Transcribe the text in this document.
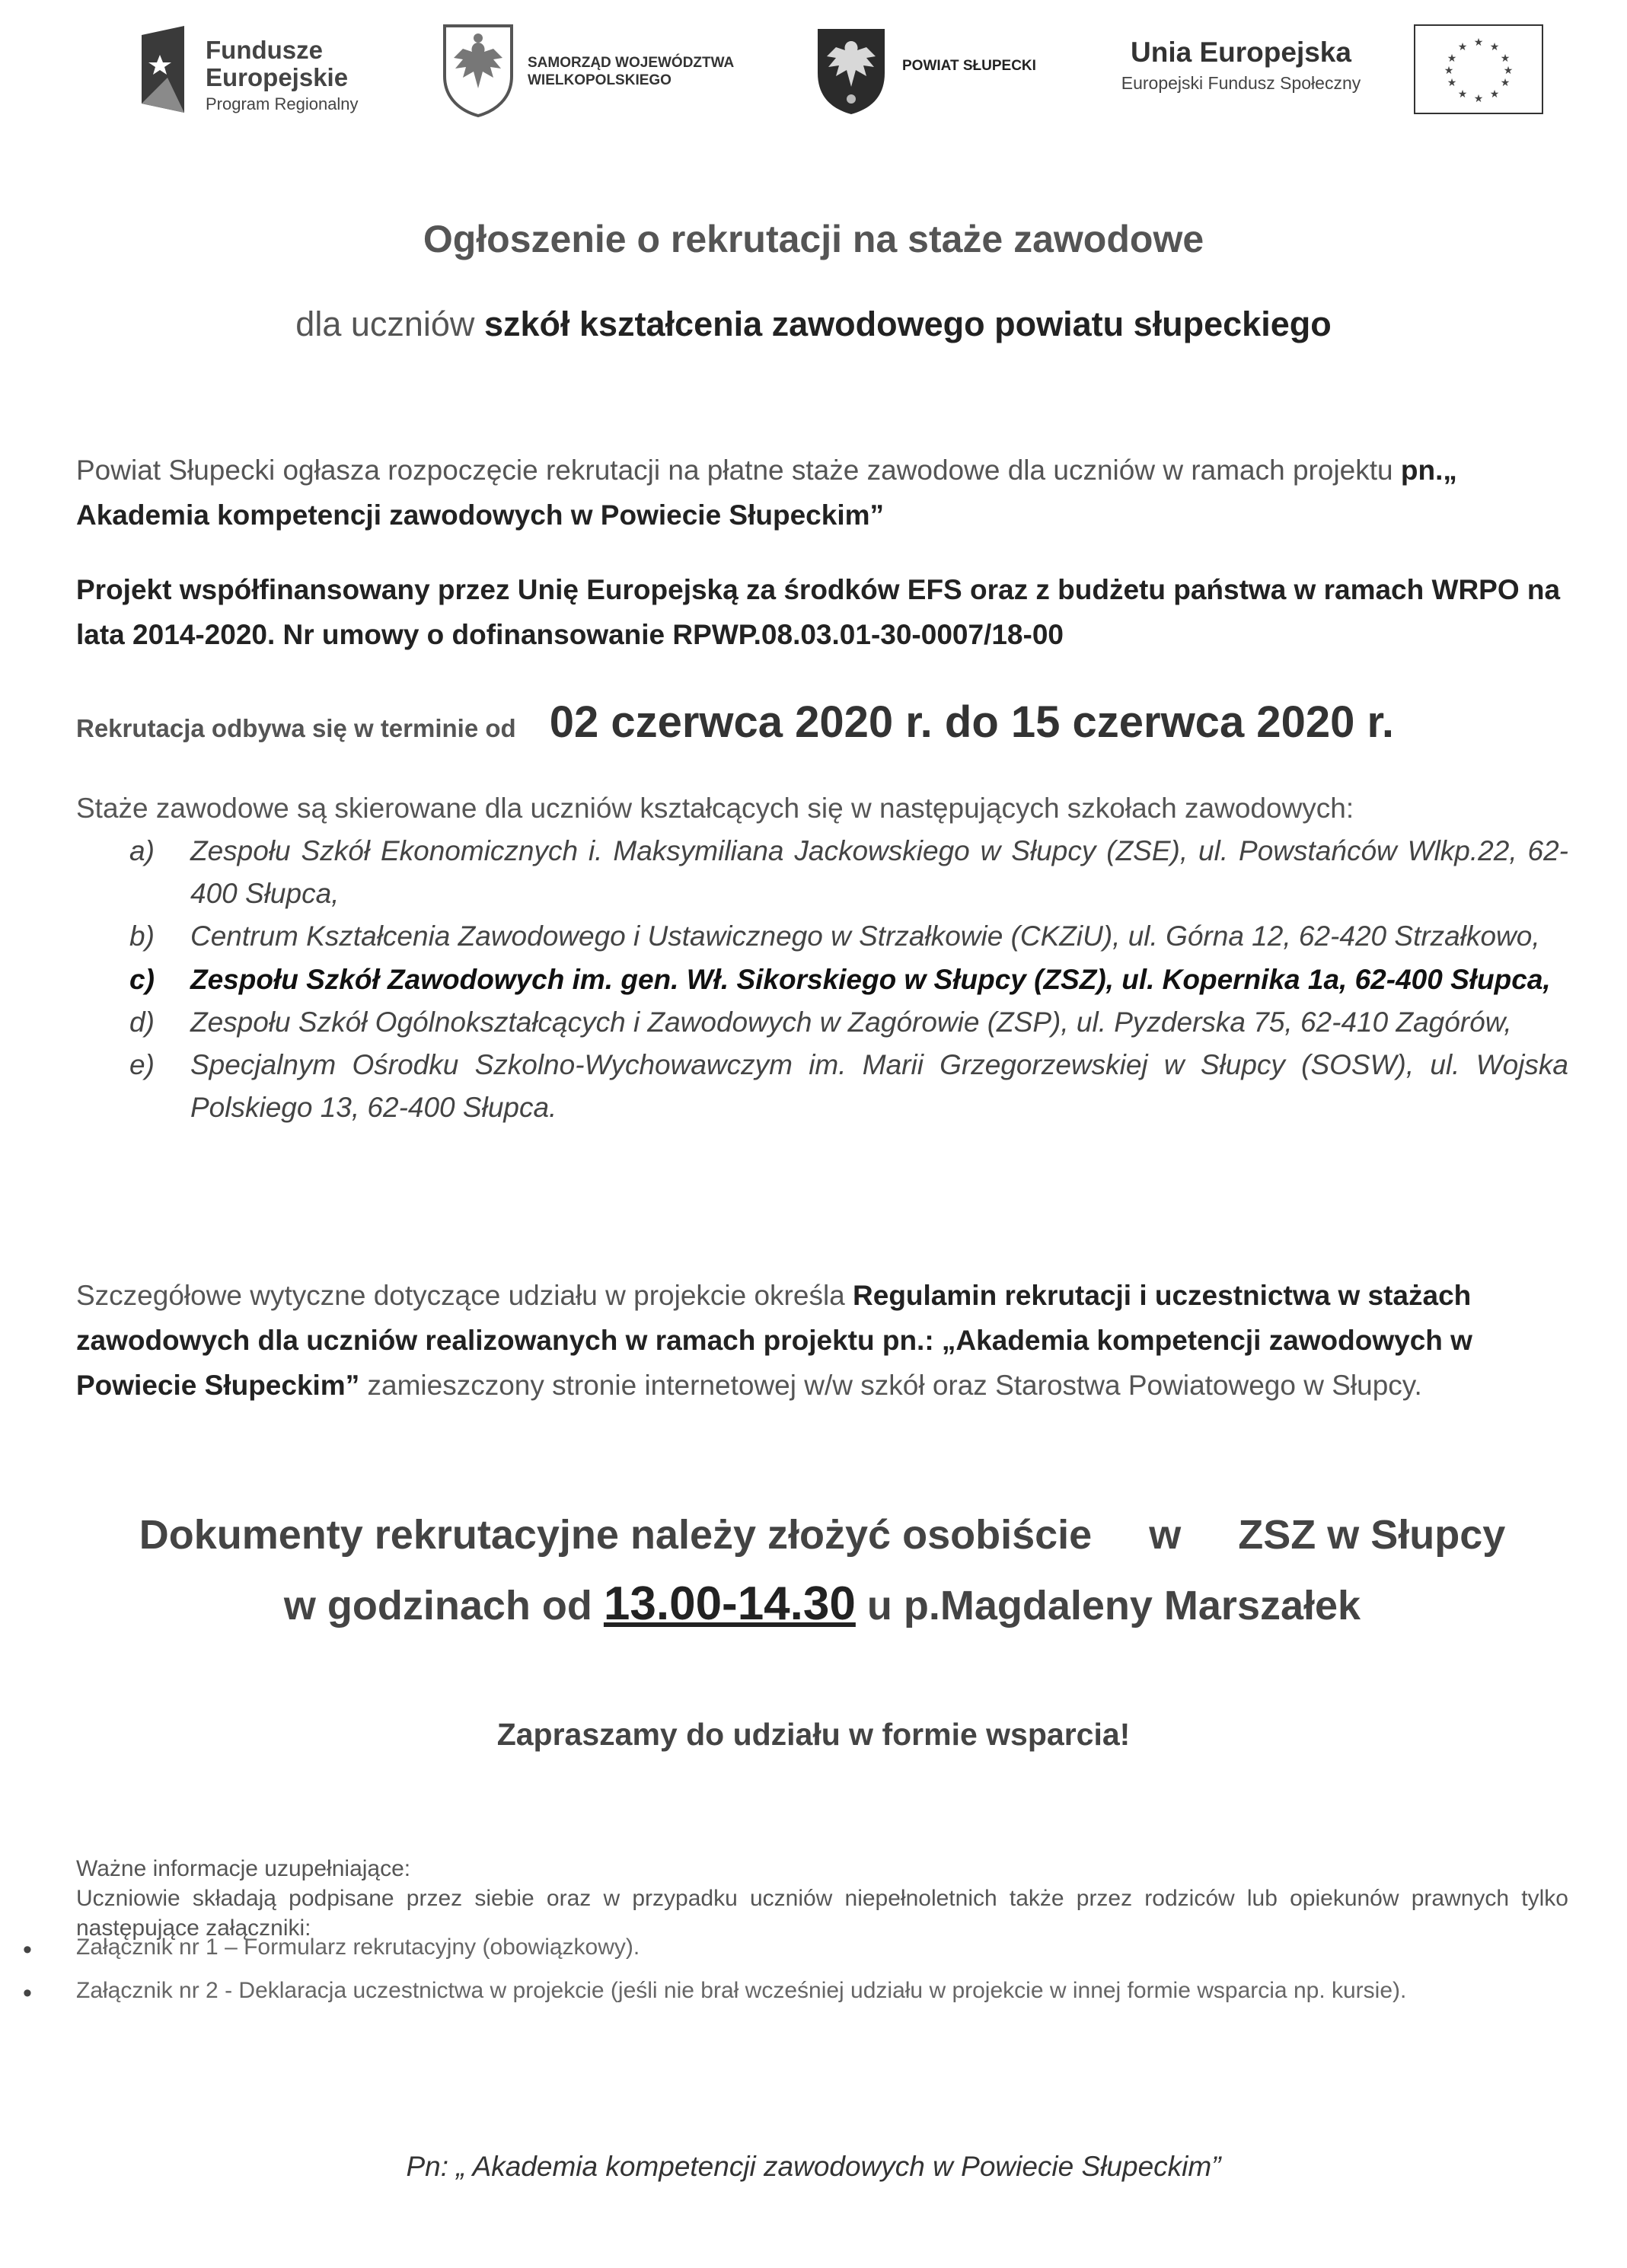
Fundusze
Europejskie
Program Regionalny
SAMORZĄD WOJEWÓDZTWA
WIELKOPOLSKIEGO
POWIAT SŁUPECKI	Unia Europejska
Europejski Fundusz Społeczny
★ ★
★
★
★
★
★
★
★
★
★
★
Ogłoszenie o rekrutacji na staże zawodowe
dla uczniów szkół kształcenia zawodowego powiatu słupeckiego
Powiat Słupecki ogłasza rozpoczęcie rekrutacji na płatne staże zawodowe dla uczniów w ramach projektu pn.„ Akademia kompetencji zawodowych w Powiecie Słupeckim”
Projekt współfinansowany przez Unię Europejską za środków EFS oraz z budżetu państwa w ramach WRPO na lata 2014-2020. Nr umowy o dofinansowanie RPWP.08.03.01-30-0007/18-00
Rekrutacja odbywa się w terminie od 02 czerwca 2020 r. do 15 czerwca 2020 r.
Staże zawodowe są skierowane dla uczniów kształcących się w następujących szkołach zawodowych:
a) Zespołu Szkół Ekonomicznych i. Maksymiliana Jackowskiego w Słupcy (ZSE), ul. Powstańców Wlkp.22, 62-400 Słupca,
b) Centrum Kształcenia Zawodowego i Ustawicznego w Strzałkowie (CKZiU), ul. Górna 12, 62-420 Strzałkowo,
c) Zespołu Szkół Zawodowych im. gen. Wł. Sikorskiego w Słupcy (ZSZ), ul. Kopernika 1a, 62-400 Słupca,
d) Zespołu Szkół Ogólnokształcących i Zawodowych w Zagórowie (ZSP), ul. Pyzderska 75, 62-410 Zagórów,
e) Specjalnym Ośrodku Szkolno-Wychowawczym im. Marii Grzegorzewskiej w Słupcy (SOSW), ul. Wojska Polskiego 13, 62-400 Słupca.
Szczegółowe wytyczne dotyczące udziału w projekcie określa Regulamin rekrutacji i uczestnictwa w stażach zawodowych dla uczniów realizowanych w ramach projektu pn.: „Akademia kompetencji zawodowych w Powiecie Słupeckim” zamieszczony stronie internetowej w/w szkół oraz Starostwa Powiatowego w Słupcy.
Dokumenty rekrutacyjne należy złożyć osobiście     w     ZSZ w Słupcy
w godzinach od 13.00-14.30 u p.Magdaleny Marszałek
Zapraszamy do udziału w formie wsparcia!
Ważne informacje uzupełniające:
Uczniowie składają podpisane przez siebie oraz w przypadku uczniów niepełnoletnich także przez rodziców lub opiekunów prawnych tylko następujące załączniki:
• Załącznik nr 1 – Formularz rekrutacyjny (obowiązkowy).
• Załącznik nr 2 - Deklaracja uczestnictwa w projekcie (jeśli nie brał wcześniej udziału w projekcie w innej formie wsparcia np. kursie).
Pn: „ Akademia kompetencji zawodowych w Powiecie Słupeckim”
